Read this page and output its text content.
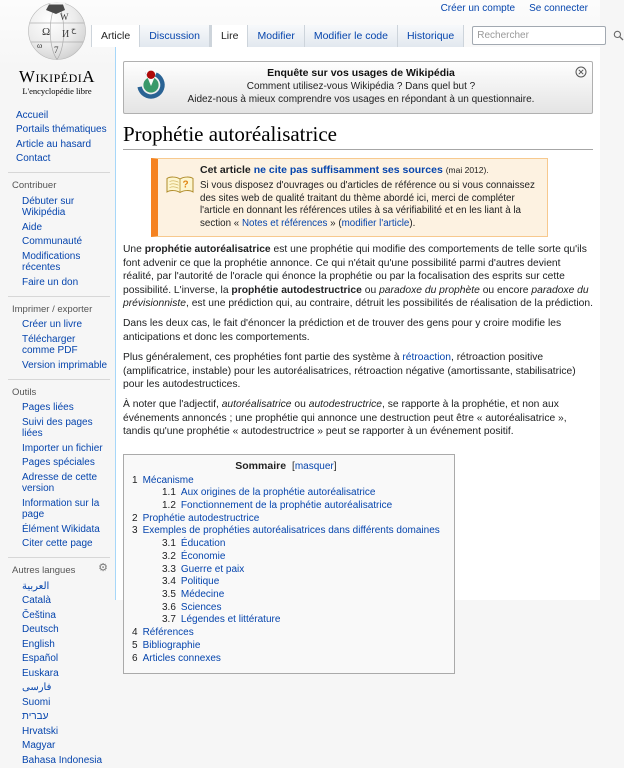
Ω
W
И
7
ω
ح
WikipédiA
L'encyclopédie libre
Accueil
Portails thématiques
Article au hasard
Contact
Contribuer
Débuter sur Wikipédia
Aide
Communauté
Modifications récentes
Faire un don
Imprimer / exporter
Créer un livre
Télécharger comme PDF
Version imprimable
Outils
Pages liées
Suivi des pages liées
Importer un fichier
Pages spéciales
Adresse de cette version
Information sur la page
Élément Wikidata
Citer cette page
Autres langues ⚙
العربية
Català
Čeština
Deutsch
English
Español
Euskara
فارسی
Suomi
עברית
Hrvatski
Magyar
Bahasa Indonesia
Créer un compte Se connecter
Article	Discussion	Lire	Modifier	Modifier le code	Historique
Rechercher
Enquête sur vos usages de Wikipédia
Comment utilisez-vous Wikipédia ? Dans quel but ?
Aidez-nous à mieux comprendre vos usages en répondant à un questionnaire.
Prophétie autoréalisatrice
?
Cet article ne cite pas suffisamment ses sources (mai 2012).
Si vous disposez d'ouvrages ou d'articles de référence ou si vous connaissez des sites web de qualité traitant du thème abordé ici, merci de compléter l'article en donnant les références utiles à sa vérifiabilité et en les liant à la section « Notes et références » (modifier l'article).

Une prophétie autoréalisatrice est une prophétie qui modifie des comportements de telle sorte qu'ils font advenir ce que la prophétie annonce. Ce qui n'était qu'une possibilité parmi d'autres devient réalité, par l'autorité de l'oracle qui énonce la prophétie ou par la focalisation des esprits sur cette possibilité. L'inverse, la prophétie autodestructrice ou paradoxe du prophète ou encore paradoxe du prévisionniste, est une prédiction qui, au contraire, détruit les possibilités de réalisation de la prédiction.

Dans les deux cas, le fait d'énoncer la prédiction et de trouver des gens pour y croire modifie les anticipations et donc les comportements.

Plus généralement, ces prophéties font partie des système à rétroaction, rétroaction positive (amplificatrice, instable) pour les autoréalisatrices, rétroaction négative (amortissante, stabilisatrice) pour les autodestructices.

À noter que l'adjectif, autoréalisatrice ou autodestructrice, se rapporte à la prophétie, et non aux événements annoncés ; une prophétie qui annonce une destruction peut être « autoréalisatrice », tandis qu'une prophétie « autodestructrice » peut se rapporter à un événement positif.

Sommaire [masquer]
1 Mécanisme
1.1 Aux origines de la prophétie autoréalisatrice
1.2 Fonctionnement de la prophétie autoréalisatrice
2 Prophétie autodestructrice
3 Exemples de prophéties autoréalisatrices dans différents domaines
3.1 Éducation
3.2 Économie
3.3 Guerre et paix
3.4 Politique
3.5 Médecine
3.6 Sciences
3.7 Légendes et littérature
4 Références
5 Bibliographie
6 Articles connexes
